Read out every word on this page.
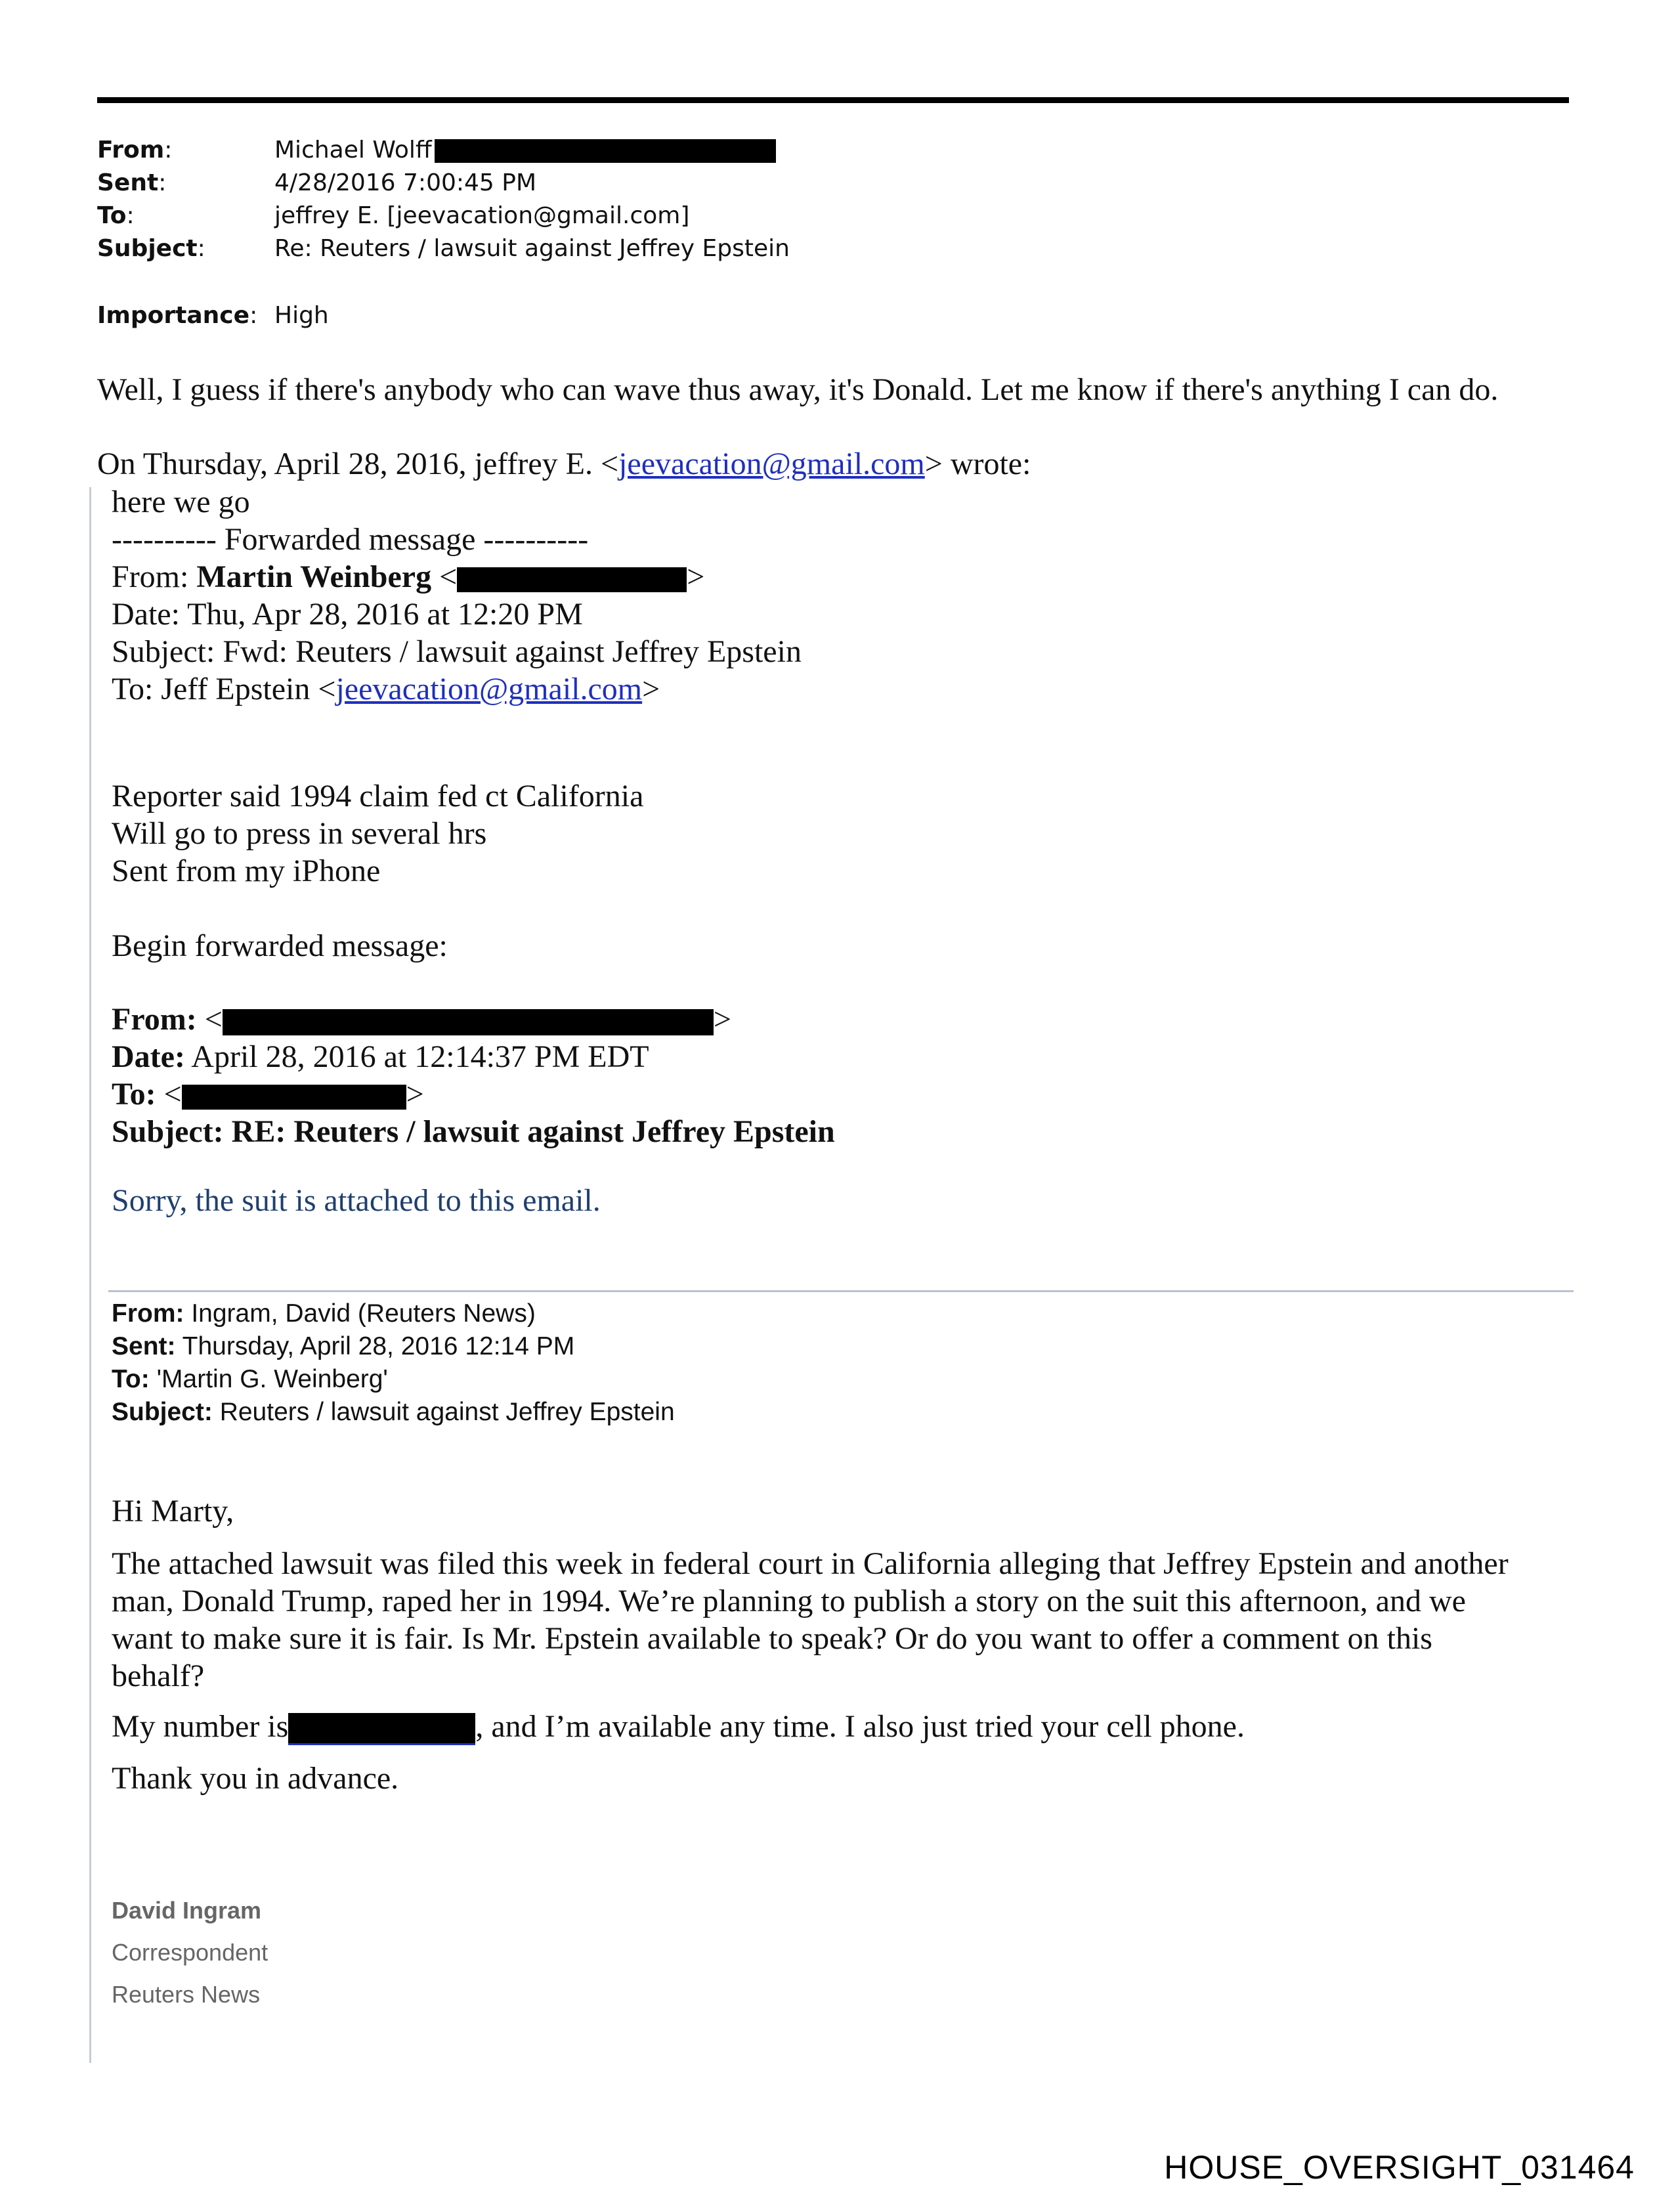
From:	Michael Wolff
Sent:	4/28/2016 7:00:45 PM
To:	jeffrey E. [jeevacation@gmail.com]
Subject:	Re: Reuters / lawsuit against Jeffrey Epstein
Importance: High
Well, I guess if there's anybody who can wave thus away, it's Donald. Let me know if there's anything I can do.
On Thursday, April 28, 2016, jeffrey E. <jeevacation@gmail.com> wrote:
here we go
---------- Forwarded message ----------
From: Martin Weinberg <	>
Date: Thu, Apr 28, 2016 at 12:20 PM
Subject: Fwd: Reuters / lawsuit against Jeffrey Epstein
To: Jeff Epstein <jeevacation@gmail.com>
Reporter said 1994 claim fed ct California
Will go to press in several hrs
Sent from my iPhone
Begin forwarded message:
From: <	>
Date: April 28, 2016 at 12:14:37 PM EDT
To: <	>
Subject: RE: Reuters / lawsuit against Jeffrey Epstein
Sorry, the suit is attached to this email.
From: Ingram, David (Reuters News)
Sent: Thursday, April 28, 2016 12:14 PM
To: 'Martin G. Weinberg'
Subject: Reuters / lawsuit against Jeffrey Epstein
Hi Marty,
The attached lawsuit was filed this week in federal court in California alleging that Jeffrey Epstein and another
man, Donald Trump, raped her in 1994. We’re planning to publish a story on the suit this afternoon, and we
want to make sure it is fair. Is Mr. Epstein available to speak? Or do you want to offer a comment on this
behalf?
My number is	, and I’m available any time. I also just tried your cell phone.
Thank you in advance.
David Ingram
Correspondent
Reuters News
HOUSE_OVERSIGHT_031464
